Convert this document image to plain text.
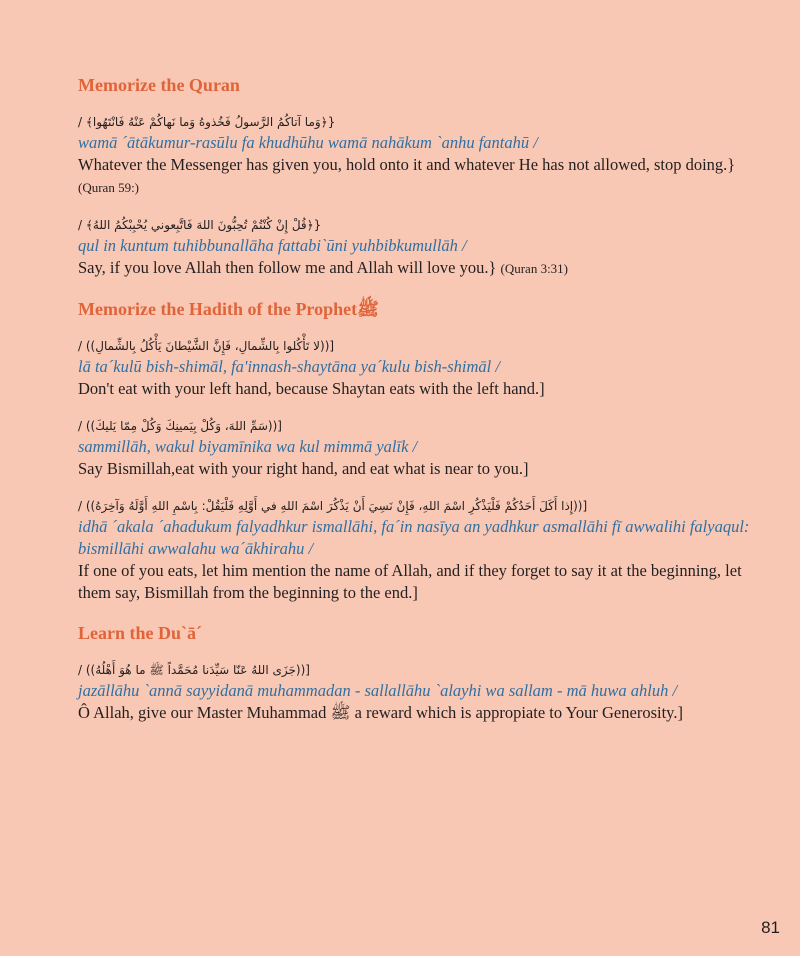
Memorize the Quran
{﴿وَما آتاكُمُ الرَّسولُ فَخُذوهُ وَما نَهاكُمْ عَنْهُ فَانْتَهُوا﴾ /
wamā ´ātākumur-rasūlu fa khudhūhu wamā nahākum `anhu fantahū /
Whatever the Messenger has given you, hold onto it and whatever He has not allowed, stop doing.}(Quran 59:)
{﴿قُلْ إِنْ كُنْتُمْ تُحِبُّونَ اللهَ فَاتَّبِعوني يُحْبِبْكُمُ اللهُ﴾ /
qul in kuntum tuhibbunallāha fattabi`ūni yuhbibkumullāh /
Say, if you love Allah then follow me and Allah will love you.} (Quran 3:31)
Memorize the Hadith of the Prophetﷺ
[((لا تَأْكُلوا بِالشِّمالِ، فَإِنَّ الشَّيْطانَ يَأْكُلُ بِالشِّمالِ)) /
lā ta´kulū bish-shimāl, fa'innash-shaytāna ya´kulu bish-shimāl /
Don't eat with your left hand, because Shaytan eats with the left hand.]
[((سَمِّ اللهَ، وَكُلْ بِيَمينِكَ وَكُلْ مِمّا يَليكَ)) /
sammillāh, wakul biyamīnika wa kul mimmā yalīk /
Say Bismillah,eat with your right hand, and eat what is near to you.]
[((إِذا أَكَلَ أَحَدُكُمْ فَلْيَذْكُرِ اسْمَ اللهِ، فَإِنْ نَسِيَ أَنْ يَذْكُرَ اسْمَ اللهِ في أَوَّلِهِ فَلْيَقُلْ: بِاسْمِ اللهِ أَوَّلَهُ وَآخِرَهُ)) /
idhā ´akala ´ahadukum falyadhkur ismallāhi, fa´in nasīya an yadhkur asmallāhi fī awwalihi falyaqul: bismillāhi awwalahu wa´ākhirahu /
If one of you eats, let him mention the name of Allah, and if they forget to say it at the beginning, let them say, Bismillah from the beginning to the end.]
Learn the Du`ā´
[((جَزَى اللهُ عَنّا سَيِّدَنا مُحَمَّداً ﷺ ما هُوَ أَهْلُهُ)) /
jazāllāhu `annā sayyidanā muhammadan - sallallāhu `alayhi wa sallam - mā huwa ahluh /
Ô Allah, give our Master Muhammad ﷺ a reward which is appropiate to Your Generosity.]
81
